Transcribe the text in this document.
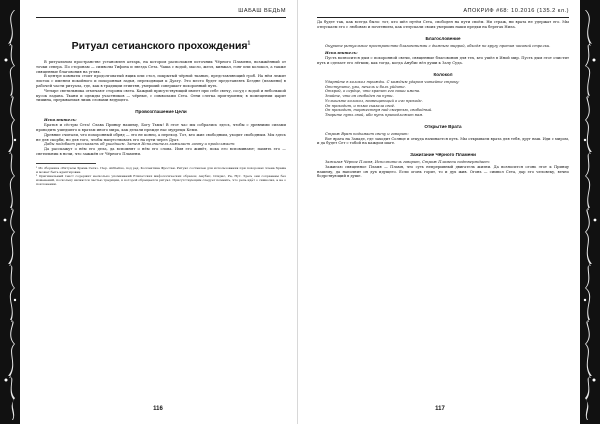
ШАБАШ ВЕДЬМ
Ритуал сетианского прохождения$^1$

В ритуальном пространстве установлен алтарь, на котором расположен источник Чёрного Пламени, возжжённый от точки севера. По сторонам — символы Тифона и звезда Сета. Чаша с водой, масло, жезл, кинжал, гонг или колокол, а также священные благовония на углях.

В центре комнаты стоит продолговатый ящик или стол, покрытый чёрной тканью, представляющий гроб. На нём лежит листок с именем покойного и похоронная ладья, переходящая к Дуату. Это место будет представлять Безднe (пламени) в рабочей части ритуала, где, как в традиции египтян, умерший совершает похоронный путь.

Четыре светильника отмечают стороны света. Каждый присутствующий имеет при себе свечу, сосуд с водой и небольшой кусок ладана. Ткани и одежды участников — чёрные, с символами Сета. Огни слегка приглушены; в помещении царит тишина, прерываемая лишь словами ведущего.

Провозглашение Цели
Исполнитель:

Братья и сёстры Сета! Слава Принцу нашему, Богу Тьмы! В этот час мы собрались здесь, чтобы с древними силами проводить ушедшего к вратам иного мира, как делали прежде нас мудрецы Кеми.

Древние считали, что похоронный обряд — это не конец, а переход. Тот, кто жил свободным, уходит свободным. Мы здесь не для скорби, но для того, чтобы напутствовать его на пути через Дуат.

Дабы подобает рассказать об ушедшем. Затем Исполнитель зажигает лампу и продолжает:

Да расскажут о нём его дела, да вспомнят о нём его слова. Имя его живёт, пока его вспоминают; память его — светильник в ночи, что зажжён от Чёрного Пламени.

¹ Из сборника «Ритуалы Храма Сета». Пер. Anthelius, под ред. Коллектива Фростан. Ритуал составлен для использования при похоронах члена Храма и может быть адаптирован.

² Оригинальный текст содержит несколько упоминаний Египетских мифологических образов; Анубис, Осирис, Ра, Нут. Здесь они сохранены без изменений, поскольку являются частью традиции, к которой обращается ритуал. Присутствующим следует помнить, что речь идёт о символах, а не о поклонении.

116
АПОКРИФ #68: 10.2016 (135.2 кл.)

Да будет так, как всегда было: тот, кто шёл путём Сета, свободен на пути своём. Ни страж, ни врата не удержат его. Мы отпускаем его с любовью и почтением, как отпускали своих умерших наши предки на берегах Нила.

Благословение

Окурите ритуальное пространство благовониями с дымным миррой, обходя по кругу против часовой стрелки.

Исполнитель:

Пусть возносится дым с похоронной свечи, священные благовония для тех, кто ушёл в Иной мир. Пусть дым этот очистит путь и сделает его лёгким, как тогда, когда Анубис вёл души к Залу Суда.

Колокол

Ударяйте в колокол трижды. С каждым ударом читайте строку:

Отступите, узы, печаль и боль уйдите.
Открой, о сердце, что хранит его наши имена.
Знайте, что он свободен на пути.
Услышьте колокол, возвещающий о его проходе.
Он проходит, и тьма сказала своё.
Он проходит, торжествуя над смертью, свободный.
Творите путь свой, ибо путь принадлежит вам.
Открытие Врата

Страж Врат подымает свечу и говорит:

Вот врата на Западе, где заходит Солнце и откуда начинается путь. Мы открываем врата для тебя, друг наш. Иди с миром, и да будет Сет с тобой на каждом шаге.

Зажигание Чёрного Пламени

Зажигая Чёрное Пламя, Исполнитель говорит, Страж Пламени подтверждает:

Зажигаю священное Пламя — Пламя, что суть непрерывный двигатель жизни. Да возносится огонь этот к Принцу нашему, да наполнит он дух идущего. Если огонь горит, то и дух жив. Огонь — символ Сета, дар его человеку, вечно бодрствующий в душе.

117
